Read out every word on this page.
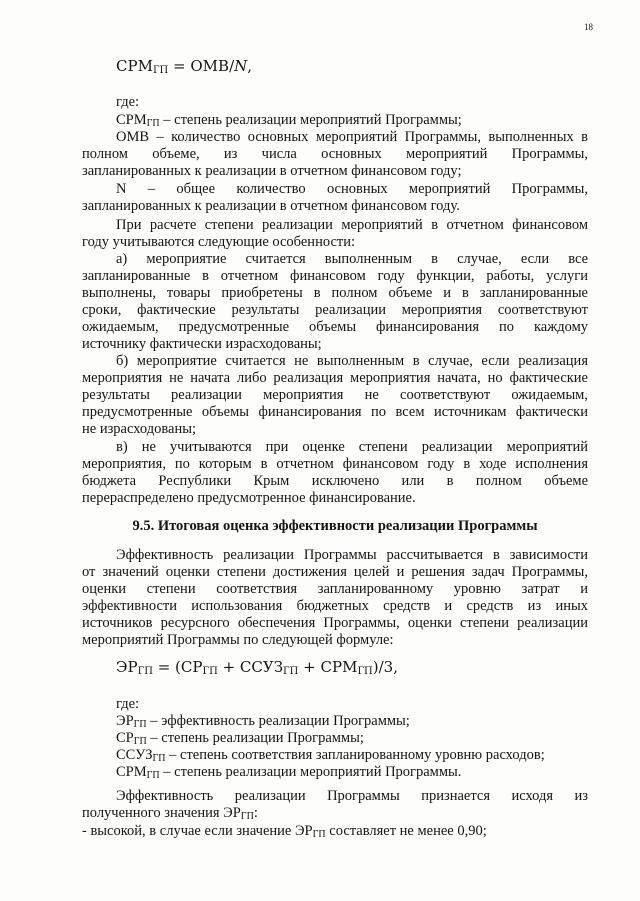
18
$СРМ_{ГП} = ОМВ/N$,
где:
$СРМ_{ГП}$ – степень реализации мероприятий Программы;
ОМВ – количество основных мероприятий Программы, выполненных в
полном объеме, из числа основных мероприятий Программы,
запланированных к реализации в отчетном финансовом году;
N – общее количество основных мероприятий Программы,
запланированных к реализации в отчетном финансовом году.
При расчете степени реализации мероприятий в отчетном финансовом
году учитываются следующие особенности:
а) мероприятие считается выполненным в случае, если все
запланированные в отчетном финансовом году функции, работы, услуги
выполнены, товары приобретены в полном объеме и в запланированные
сроки, фактические результаты реализации мероприятия соответствуют
ожидаемым, предусмотренные объемы финансирования по каждому
источнику фактически израсходованы;
б) мероприятие считается не выполненным в случае, если реализация
мероприятия не начата либо реализация мероприятия начата, но фактические
результаты реализации мероприятия не соответствуют ожидаемым,
предусмотренные объемы финансирования по всем источникам фактически
не израсходованы;
в) не учитываются при оценке степени реализации мероприятий
мероприятия, по которым в отчетном финансовом году в ходе исполнения
бюджета Республики Крым исключено или в полном объеме
перераспределено предусмотренное финансирование.
9.5. Итоговая оценка эффективности реализации Программы
Эффективность реализации Программы рассчитывается в зависимости
от значений оценки степени достижения целей и решения задач Программы,
оценки степени соответствия запланированному уровню затрат и
эффективности использования бюджетных средств и средств из иных
источников ресурсного обеспечения Программы, оценки степени реализации
мероприятий Программы по следующей формуле:
$ЭР_{ГП} = (СР_{ГП}$ + $ССУЗ_{ГП} + СРМ_{ГП})/3$,
где:
$ЭР_{ГП}$ – эффективность реализации Программы;
$СР_{ГП}$ – степень реализации Программы;
$ССУЗ_{ГП}$ – степень соответствия запланированному уровню расходов;
$СРМ_{ГП}$ – степень реализации мероприятий Программы.
Эффективность реализации Программы признается исходя из
полученного значения $ЭР_{ГП}$:
- высокой, в случае если значение $ЭР_{ГП}$ составляет не менее 0,90;
